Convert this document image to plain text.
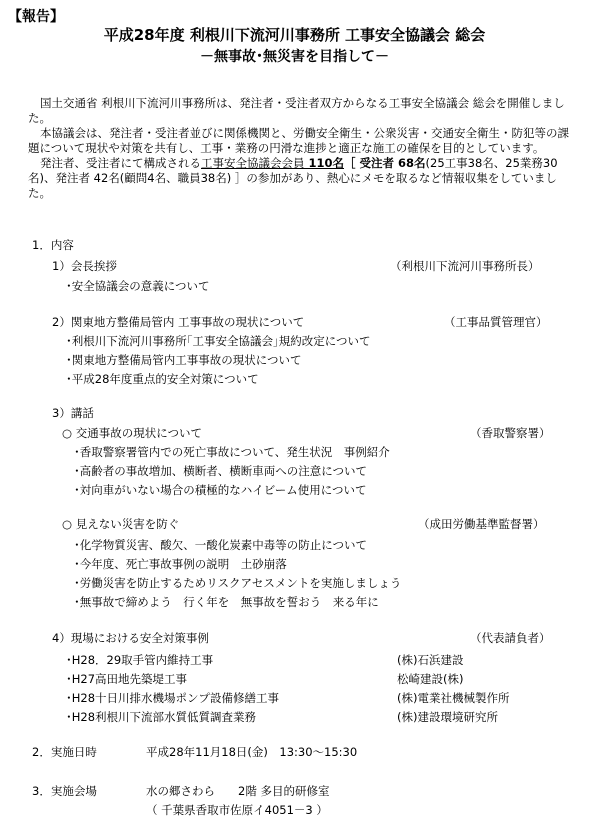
【報告】
平成28年度 利根川下流河川事務所 工事安全協議会 総会
－無事故･無災害を目指して－

国土交通省 利根川下流河川事務所は、発注者・受注者双方からなる工事安全協議会 総会を開催しました。

本協議会は、発注者・受注者並びに関係機関と、労働安全衛生・公衆災害・交通安全衛生・防犯等の課題について現状や対策を共有し、工事・業務の円滑な進捗と適正な施工の確保を目的としています。

発注者、受注者にて構成される工事安全協議会会員 110名［ 受注者 68名(25工事38名、25業務30名)、発注者 42名(顧問4名、職員38名) ］の参加があり、熱心にメモを取るなど情報収集をしていました。

1．内容
1）会長挨拶	（利根川下流河川事務所長）
･安全協議会の意義について
2）関東地方整備局管内 工事事故の現状について	（工事品質管理官）
･利根川下流河川事務所｢工事安全協議会｣規約改定について
･関東地方整備局管内工事事故の現状について
･平成28年度重点的安全対策について
3）講話
○ 交通事故の現状について	（香取警察署）
･香取警察署管内での死亡事故について、発生状況　事例紹介
･高齢者の事故増加、横断者、横断車両への注意について
･対向車がいない場合の積極的なハイビーム使用について
○ 見えない災害を防ぐ	（成田労働基準監督署）
･化学物質災害、酸欠、一酸化炭素中毒等の防止について
･今年度、死亡事故事例の説明　土砂崩落
･労働災害を防止するためリスクアセスメントを実施しましょう
･無事故で締めよう　行く年を　無事故を誓おう　来る年に
4）現場における安全対策事例	（代表請負者）
･H28．29取手管内維持工事	(株)石浜建設
･H27高田地先築堤工事	松崎建設(株)
･H28十日川排水機場ポンプ設備修繕工事	(株)電業社機械製作所
･H28利根川下流部水質低質調査業務	(株)建設環境研究所
2．実施日時	平成28年11月18日(金)　13:30～15:30
3．実施会場	水の郷さわら　　2階 多目的研修室
（ 千葉県香取市佐原イ4051－3 ）
